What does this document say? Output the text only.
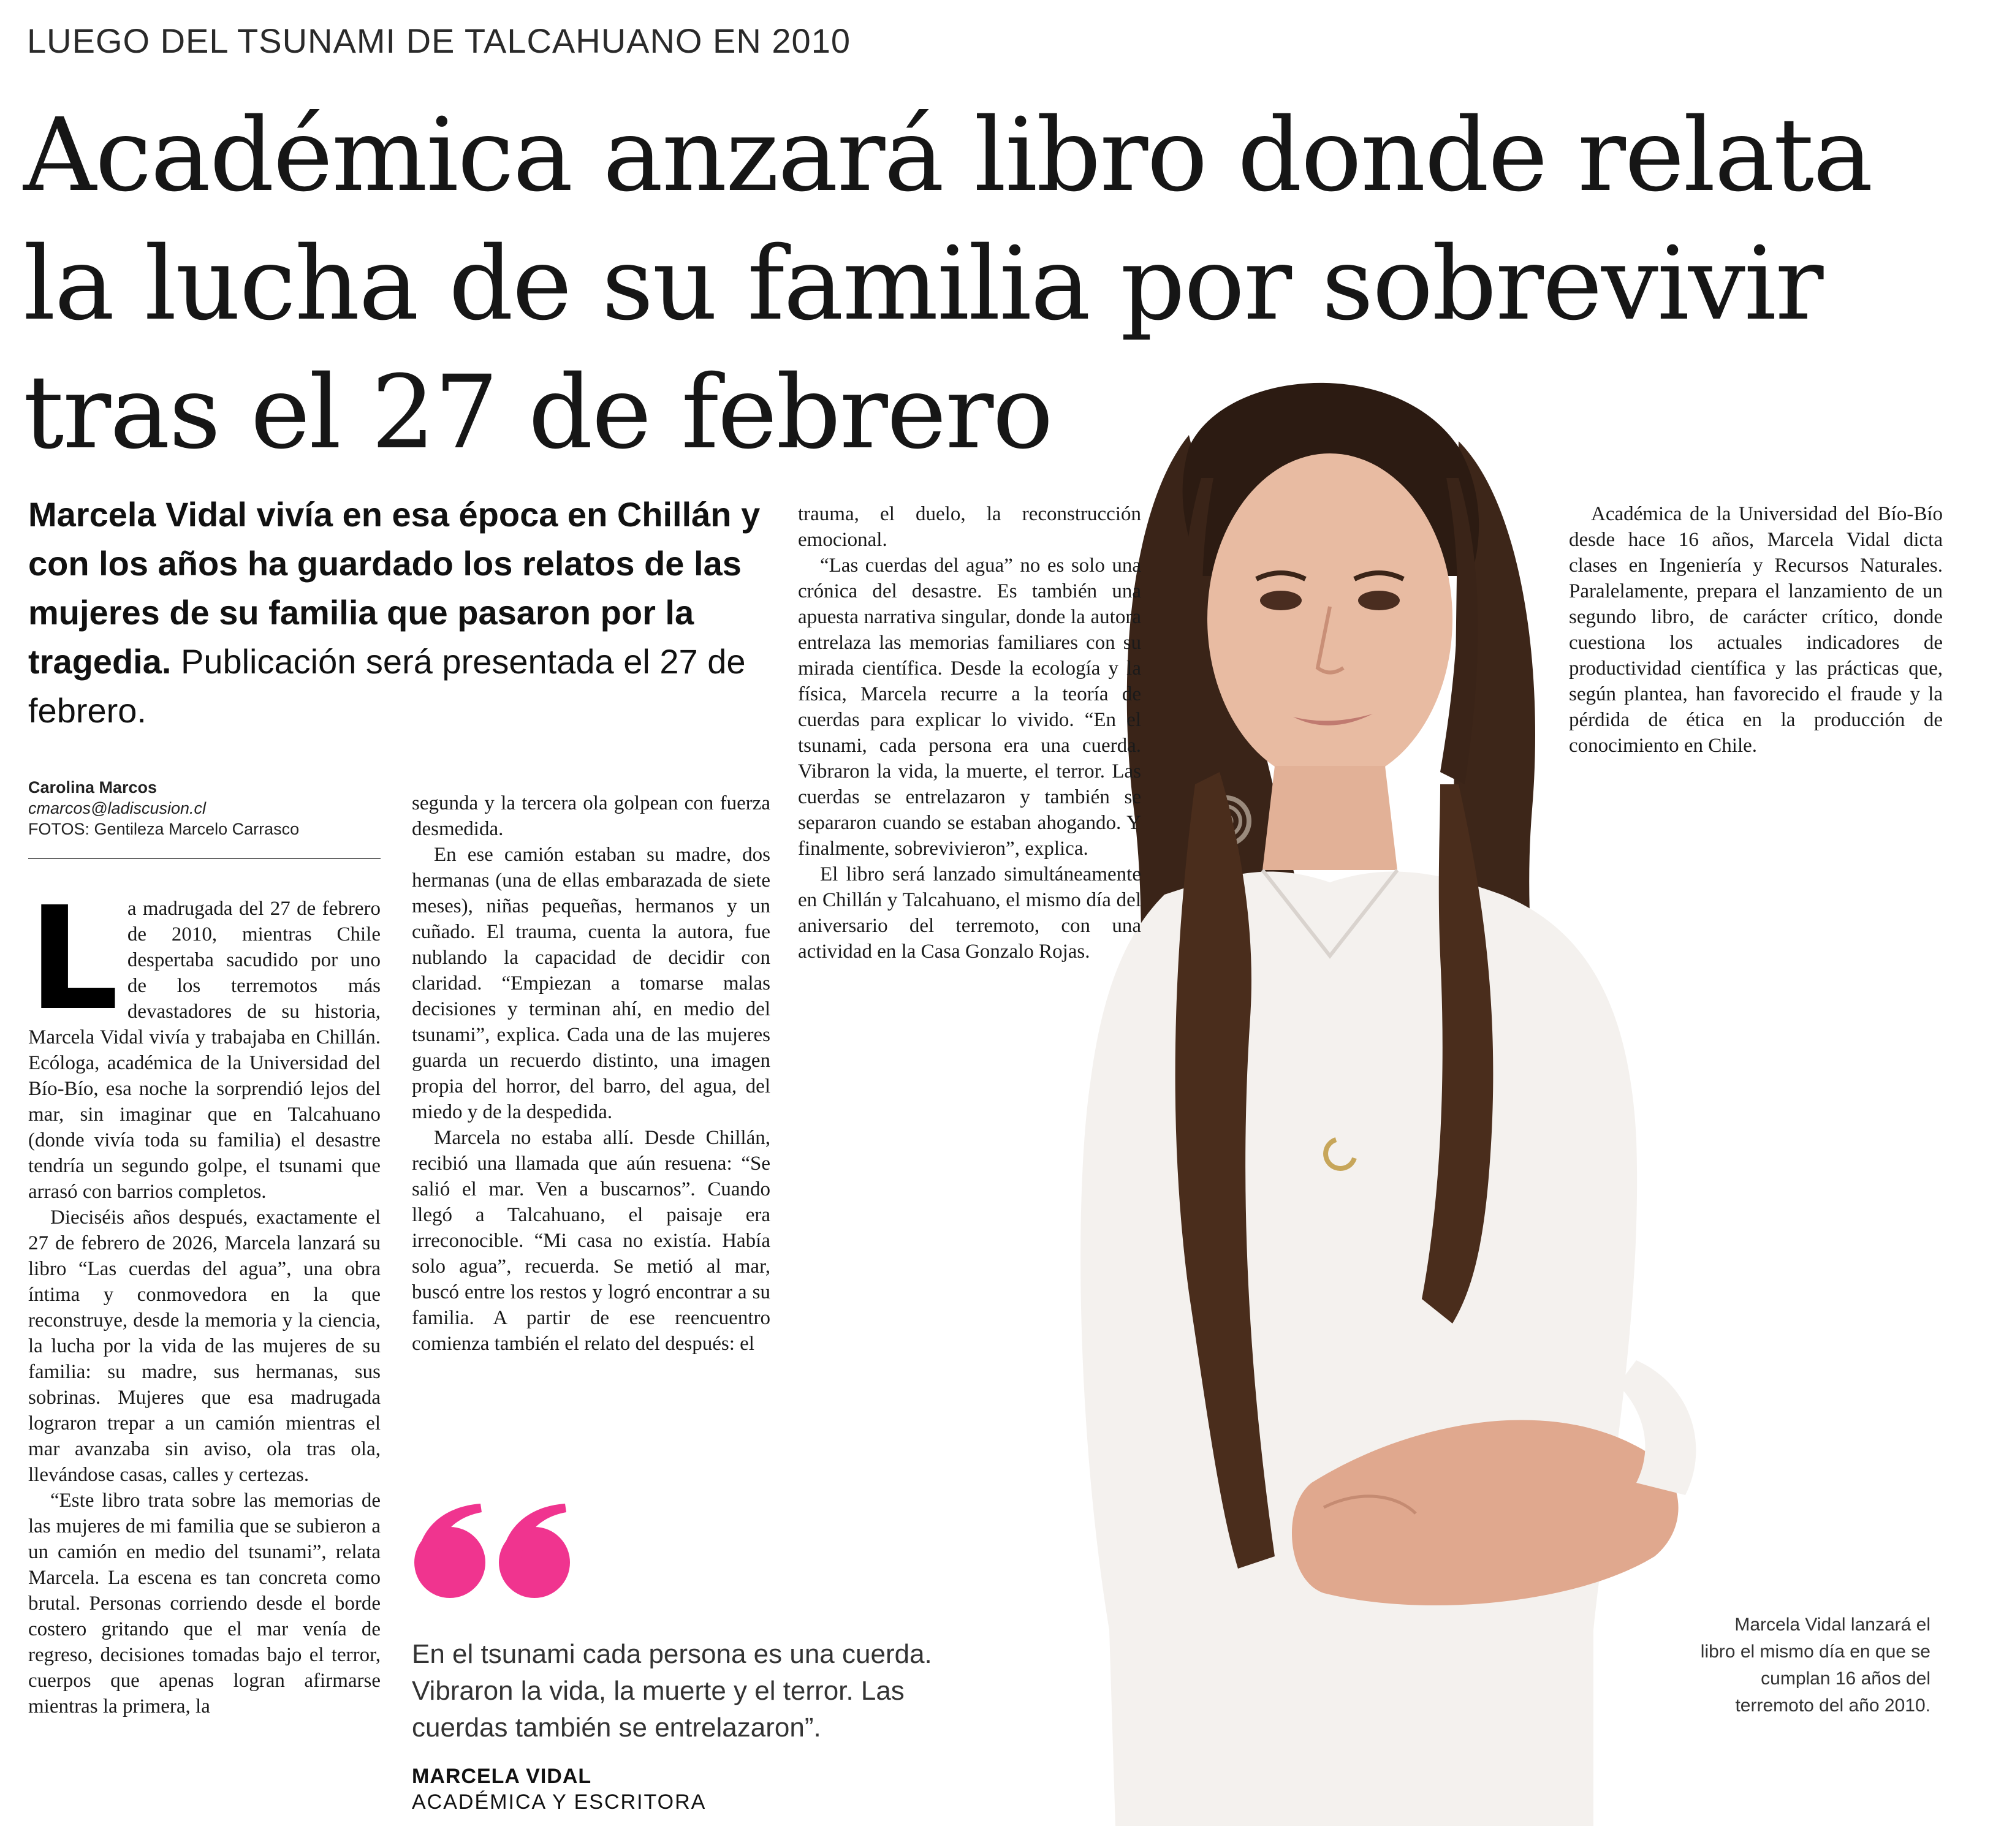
LUEGO DEL TSUNAMI DE TALCAHUANO EN 2010
Académica anzará libro donde relata
la lucha de su familia por sobrevivir
tras el 27 de febrero
Marcela Vidal vivía en esa época en Chillán y con los años ha guardado los relatos de las mujeres de su familia que pasaron por la tragedia. Publicación será presentada el 27 de febrero.
Carolina Marcos
cmarcos@ladiscusion.cl
FOTOS: Gentileza Marcelo Carrasco
L a madrugada del 27 de febrero de 2010, mientras Chile despertaba sacudido por uno de los terremotos más devastadores de su historia, Marcela Vidal vivía y trabajaba en Chillán. Ecóloga, académica de la Universidad del Bío-Bío, esa noche la sorprendió lejos del mar, sin imaginar que en Talcahuano (donde vivía toda su familia) el desastre tendría un segundo golpe, el tsunami que arrasó con barrios completos.

Dieciséis años después, exactamente el 27 de febrero de 2026, Marcela lanzará su libro “Las cuerdas del agua”, una obra íntima y conmovedora en la que reconstruye, desde la memoria y la ciencia, la lucha por la vida de las mujeres de su familia: su madre, sus hermanas, sus sobrinas. Mujeres que esa madrugada lograron trepar a un camión mientras el mar avanzaba sin aviso, ola tras ola, llevándose casas, calles y certezas.

“Este libro trata sobre las memorias de las mujeres de mi familia que se subieron a un camión en medio del tsunami”, relata Marcela. La escena es tan concreta como brutal. Personas corriendo desde el borde costero gritando que el mar venía de regreso, decisiones tomadas bajo el terror, cuerpos que apenas logran afirmarse mientras la primera, la

segunda y la tercera ola golpean con fuerza desmedida.

En ese camión estaban su madre, dos hermanas (una de ellas embarazada de siete meses), niñas pequeñas, hermanos y un cuñado. El trauma, cuenta la autora, fue nublando la capacidad de decidir con claridad. “Empiezan a tomarse malas decisiones y terminan ahí, en medio del tsunami”, explica. Cada una de las mujeres guarda un recuerdo distinto, una imagen propia del horror, del barro, del agua, del miedo y de la despedida.

Marcela no estaba allí. Desde Chillán, recibió una llamada que aún resuena: “Se salió el mar. Ven a buscarnos”. Cuando llegó a Talcahuano, el paisaje era irreconocible. “Mi casa no existía. Había solo agua”, recuerda. Se metió al mar, buscó entre los restos y logró encontrar a su familia. A partir de ese reencuentro comienza también el relato del después: el

trauma, el duelo, la reconstrucción emocional.

“Las cuerdas del agua” no es solo una crónica del desastre. Es también una apuesta narrativa singular, donde la autora entrelaza las memorias familiares con su mirada científica. Desde la ecología y la física, Marcela recurre a la teoría de cuerdas para explicar lo vivido. “En el tsunami, cada persona era una cuerda. Vibraron la vida, la muerte, el terror. Las cuerdas se entrelazaron y también se separaron cuando se estaban ahogando. Y finalmente, sobrevivieron”, explica.

El libro será lanzado simultáneamente en Chillán y Talcahuano, el mismo día del aniversario del terremoto, con una actividad en la Casa Gonzalo Rojas.

Académica de la Universidad del Bío-Bío desde hace 16 años, Marcela Vidal dicta clases en Ingeniería y Recursos Naturales. Paralelamente, prepara el lanzamiento de un segundo libro, de carácter crítico, donde cuestiona los actuales indicadores de productividad científica y las prácticas que, según plantea, han favorecido el fraude y la pérdida de ética en la producción de conocimiento en Chile.

Marcela Vidal lanzará el libro el mismo día en que se cumplan 16 años del terremoto del año 2010.
En el tsunami cada persona es una cuerda. Vibraron la vida, la muerte y el terror. Las cuerdas también se entrelazaron”.
MARCELA VIDAL
ACADÉMICA Y ESCRITORA
